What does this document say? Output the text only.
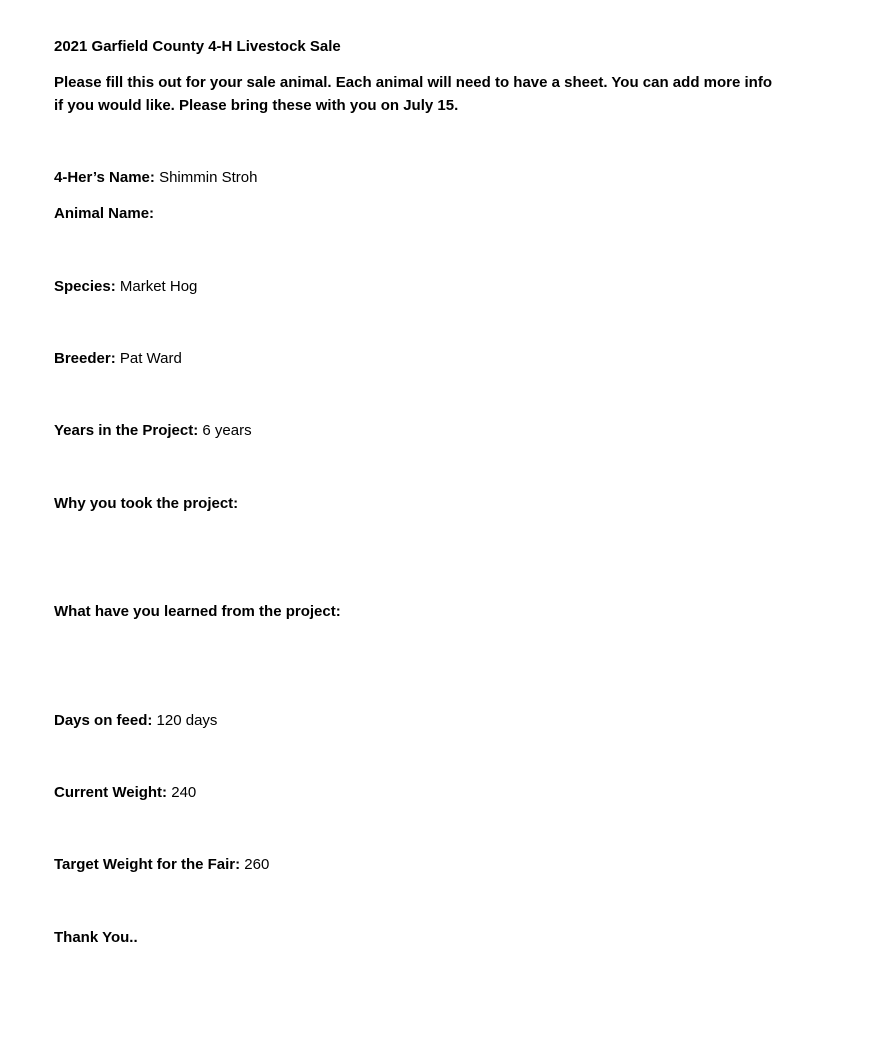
2021 Garfield County 4-H Livestock Sale
Please fill this out for your sale animal. Each animal will need to have a sheet. You can add more info
if you would like. Please bring these with you on July 15.
4-Her’s Name: Shimmin Stroh
Animal Name:
Species: Market Hog
Breeder: Pat Ward
Years in the Project: 6 years
Why you took the project:
What have you learned from the project:
Days on feed: 120 days
Current Weight: 240
Target Weight for the Fair: 260
Thank You..
